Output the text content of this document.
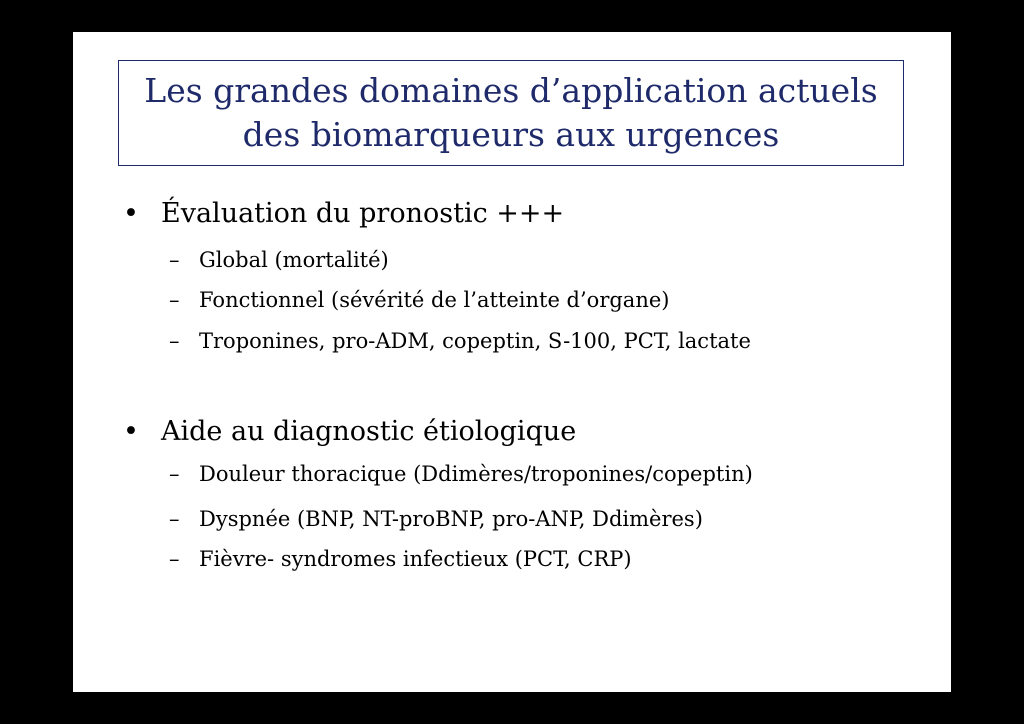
Les grandes domaines d’application actuels
des biomarqueurs aux urgences
• Évaluation du pronostic +++
– Global (mortalité)
– Fonctionnel (sévérité de l’atteinte d’organe)
– Troponines, pro-ADM, copeptin, S-100, PCT, lactate
• Aide au diagnostic étiologique
– Douleur thoracique (Ddimères/troponines/copeptin)
– Dyspnée (BNP, NT-proBNP, pro-ANP, Ddimères)
– Fièvre- syndromes infectieux (PCT, CRP)
